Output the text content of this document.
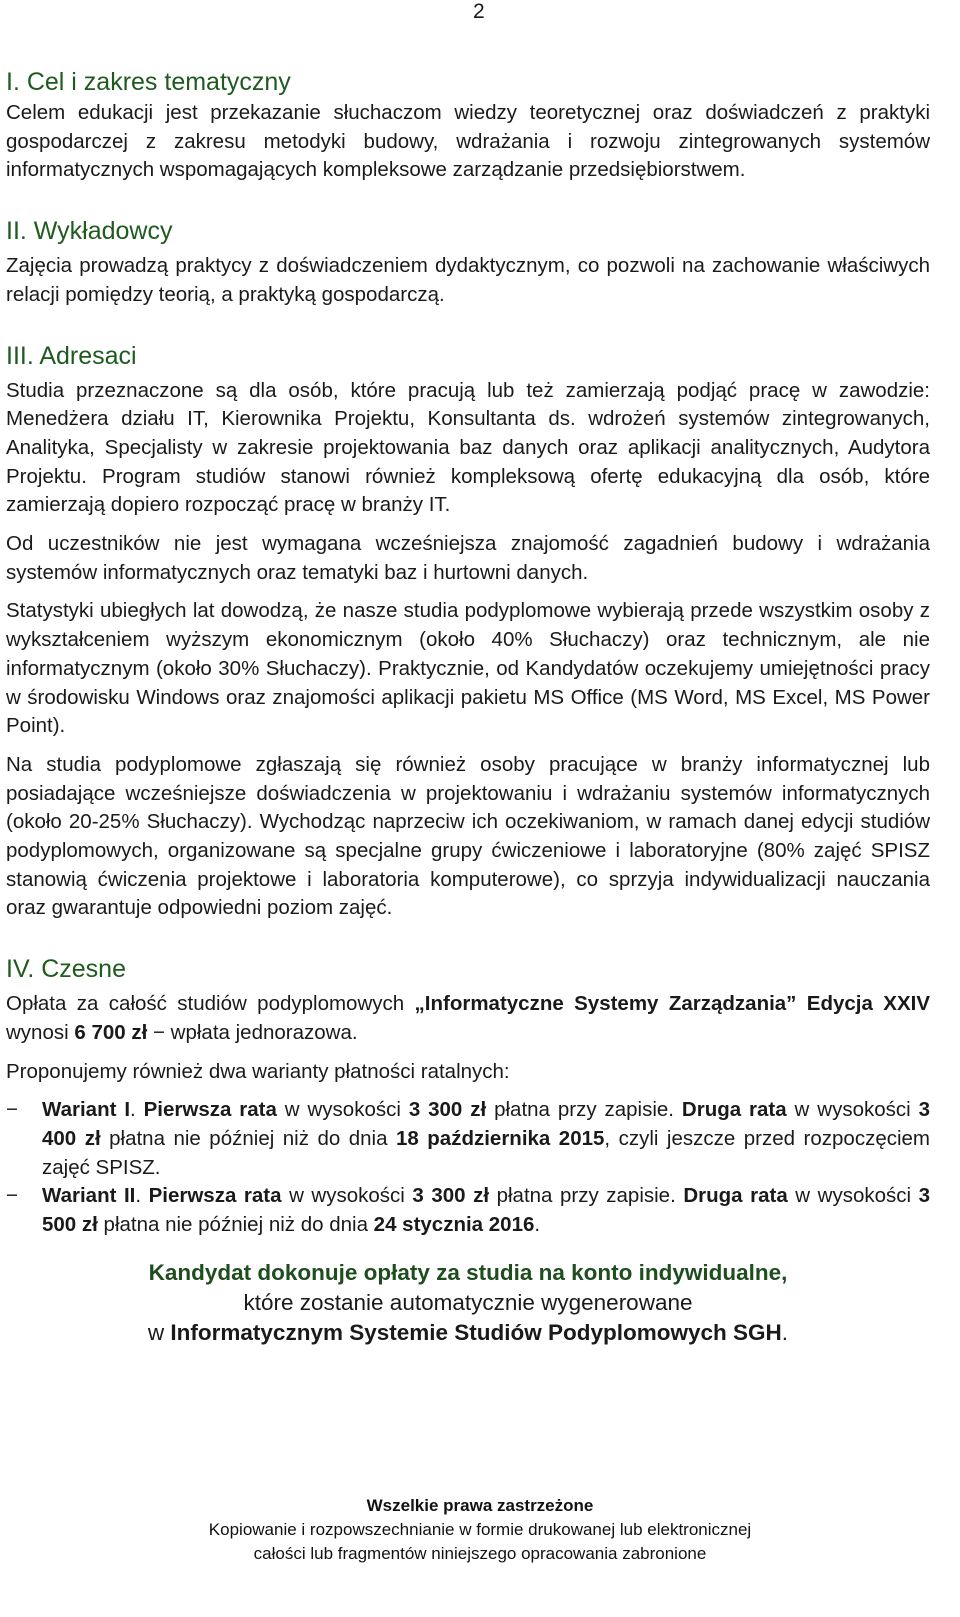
2
I. Cel i zakres tematyczny

Celem edukacji jest przekazanie słuchaczom wiedzy teoretycznej oraz doświadczeń z praktyki gospodarczej z zakresu metodyki budowy, wdrażania i rozwoju zintegrowanych systemów informatycznych wspomagających kompleksowe zarządzanie przedsiębiorstwem.

II. Wykładowcy

Zajęcia prowadzą praktycy z doświadczeniem dydaktycznym, co pozwoli na zachowanie właściwych relacji pomiędzy teorią, a praktyką gospodarczą.

III. Adresaci

Studia przeznaczone są dla osób, które pracują lub też zamierzają podjąć pracę w zawodzie: Menedżera działu IT, Kierownika Projektu, Konsultanta ds. wdrożeń systemów zintegrowanych, Analityka, Specjalisty w zakresie projektowania baz danych oraz aplikacji analitycznych, Audytora Projektu. Program studiów stanowi również kompleksową ofertę edukacyjną dla osób, które zamierzają dopiero rozpocząć pracę w branży IT.

Od uczestników nie jest wymagana wcześniejsza znajomość zagadnień budowy i wdrażania systemów informatycznych oraz tematyki baz i hurtowni danych.

Statystyki ubiegłych lat dowodzą, że nasze studia podyplomowe wybierają przede wszystkim osoby z wykształceniem wyższym ekonomicznym (około 40% Słuchaczy) oraz technicznym, ale nie informatycznym (około 30% Słuchaczy). Praktycznie, od Kandydatów oczekujemy umiejętności pracy w środowisku Windows oraz znajomości aplikacji pakietu MS Office (MS Word, MS Excel, MS Power Point).

Na studia podyplomowe zgłaszają się również osoby pracujące w branży informatycznej lub posiadające wcześniejsze doświadczenia w projektowaniu i wdrażaniu systemów informatycznych (około 20-25% Słuchaczy). Wychodząc naprzeciw ich oczekiwaniom, w ramach danej edycji studiów podyplomowych, organizowane są specjalne grupy ćwiczeniowe i laboratoryjne (80% zajęć SPISZ stanowią ćwiczenia projektowe i laboratoria komputerowe), co sprzyja indywidualizacji nauczania oraz gwarantuje odpowiedni poziom zajęć.

IV. Czesne

Opłata za całość studiów podyplomowych „Informatyczne Systemy Zarządzania” Edycja XXIV wynosi 6 700 zł − wpłata jednorazowa.

Proponujemy również dwa warianty płatności ratalnych:

− Wariant I. Pierwsza rata w wysokości 3 300 zł płatna przy zapisie. Druga rata w wysokości 3 400 zł płatna nie później niż do dnia 18 października 2015, czyli jeszcze przed rozpoczęciem zajęć SPISZ.
− Wariant II. Pierwsza rata w wysokości 3 300 zł płatna przy zapisie. Druga rata w wysokości 3 500 zł płatna nie później niż do dnia 24 stycznia 2016.
Kandydat dokonuje opłaty za studia na konto indywidualne,
które zostanie automatycznie wygenerowane
w Informatycznym Systemie Studiów Podyplomowych SGH.
Wszelkie prawa zastrzeżone
Kopiowanie i rozpowszechnianie w formie drukowanej lub elektronicznej
całości lub fragmentów niniejszego opracowania zabronione
